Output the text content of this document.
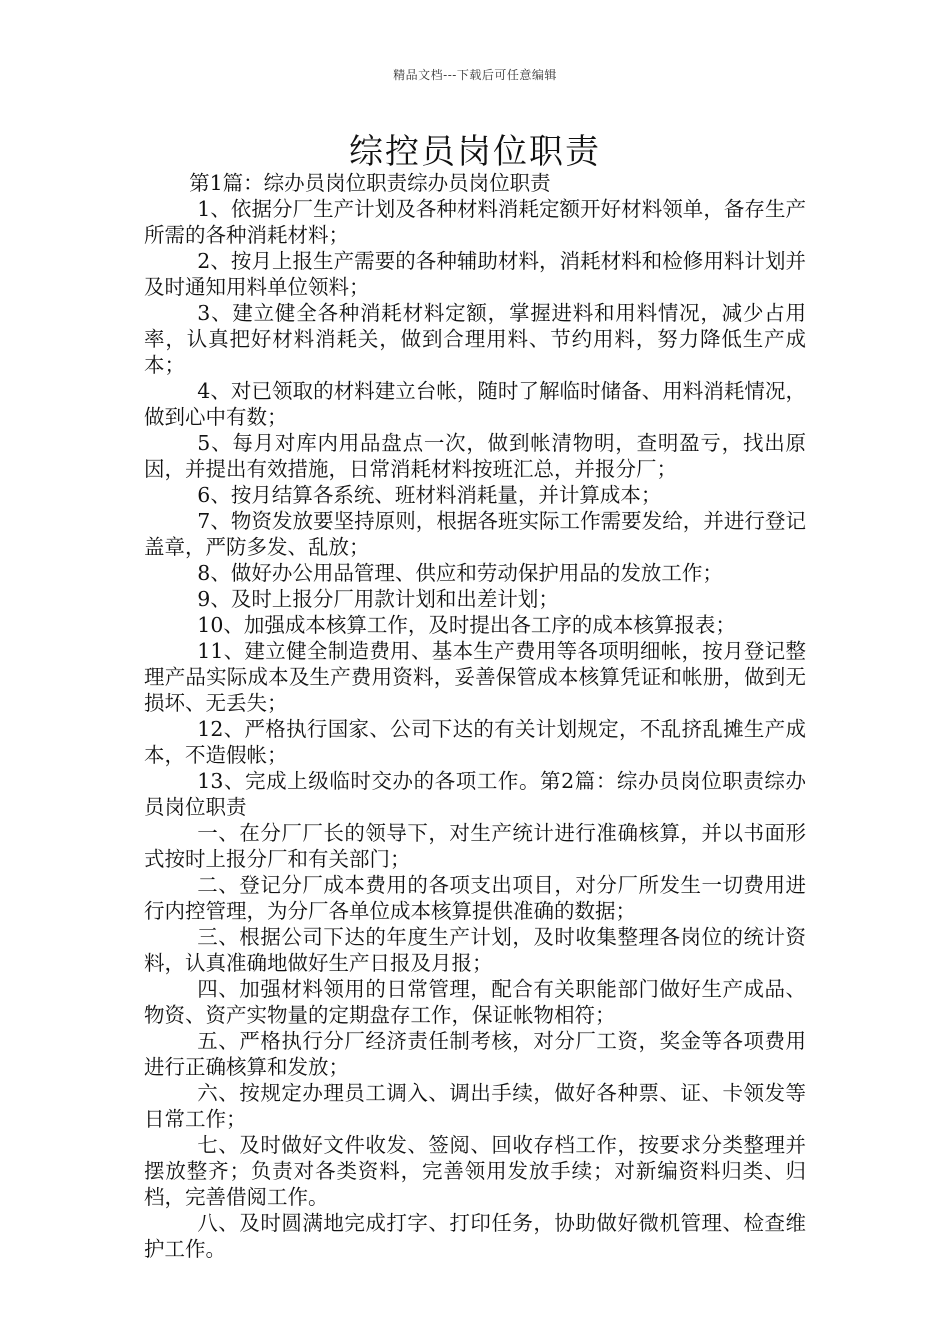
精品文档---下载后可任意编辑
综控员岗位职责

第1篇：综办员岗位职责综办员岗位职责

1、依据分厂生产计划及各种材料消耗定额开好材料领单，备存生产所需的各种消耗材料；

2、按月上报生产需要的各种辅助材料，消耗材料和检修用料计划并及时通知用料单位领料；

3、建立健全各种消耗材料定额，掌握进料和用料情况，减少占用率，认真把好材料消耗关，做到合理用料、节约用料，努力降低生产成本；

4、对已领取的材料建立台帐，随时了解临时储备、用料消耗情况，做到心中有数；

5、每月对库内用品盘点一次，做到帐清物明，查明盈亏，找出原因，并提出有效措施，日常消耗材料按班汇总，并报分厂；

6、按月结算各系统、班材料消耗量，并计算成本；

7、物资发放要坚持原则，根据各班实际工作需要发给，并进行登记盖章，严防多发、乱放；

8、做好办公用品管理、供应和劳动保护用品的发放工作；

9、及时上报分厂用款计划和出差计划；

10、加强成本核算工作，及时提出各工序的成本核算报表；

11、建立健全制造费用、基本生产费用等各项明细帐，按月登记整理产品实际成本及生产费用资料，妥善保管成本核算凭证和帐册，做到无损坏、无丢失；

12、严格执行国家、公司下达的有关计划规定，不乱挤乱摊生产成本，不造假帐；

13、完成上级临时交办的各项工作。第2篇：综办员岗位职责综办员岗位职责

一、在分厂厂长的领导下，对生产统计进行准确核算，并以书面形式按时上报分厂和有关部门；

二、登记分厂成本费用的各项支出项目，对分厂所发生一切费用进行内控管理，为分厂各单位成本核算提供准确的数据；

三、根据公司下达的年度生产计划，及时收集整理各岗位的统计资料，认真准确地做好生产日报及月报；

四、加强材料领用的日常管理，配合有关职能部门做好生产成品、物资、资产实物量的定期盘存工作，保证帐物相符；

五、严格执行分厂经济责任制考核，对分厂工资，奖金等各项费用进行正确核算和发放；

六、按规定办理员工调入、调出手续，做好各种票、证、卡领发等日常工作；

七、及时做好文件收发、签阅、回收存档工作，按要求分类整理并摆放整齐；负责对各类资料，完善领用发放手续；对新编资料归类、归档，完善借阅工作。

八、及时圆满地完成打字、打印任务，协助做好微机管理、检查维护工作。
